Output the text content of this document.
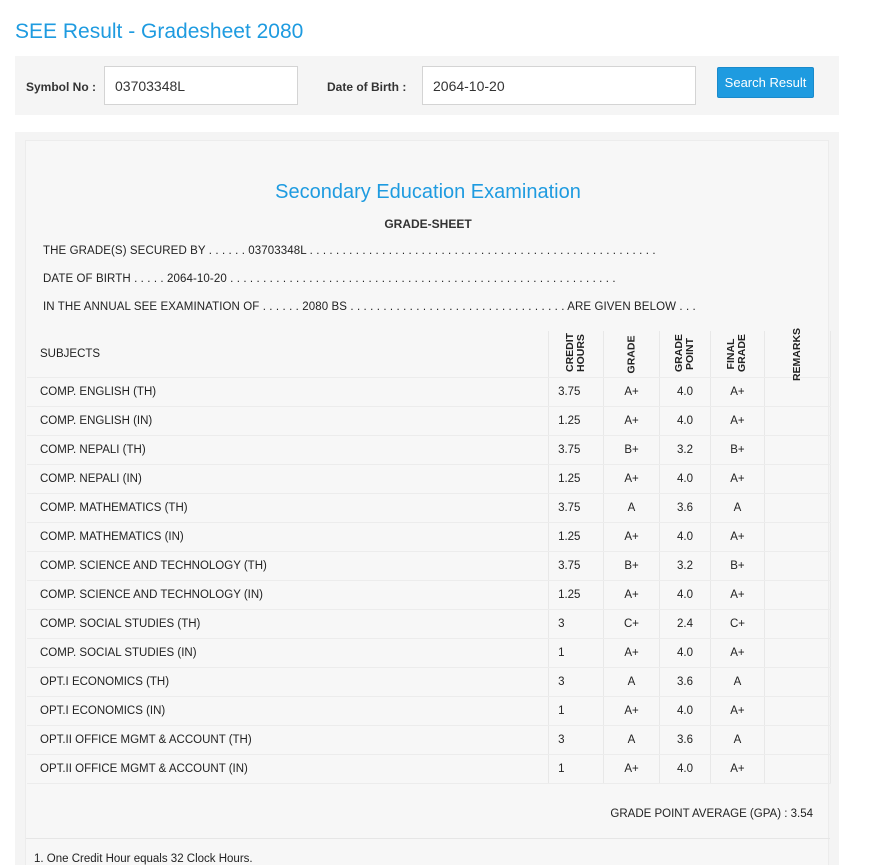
SEE Result - Gradesheet 2080
Symbol No :
03703348L	Date of Birth :
2064-10-20	Search Result
Secondary Education Examination
GRADE-SHEET
THE GRADE(S) SECURED BY . . . . . . 03703348L . . . . . . . . . . . . . . . . . . . . . . . . . . . . . . . . . . . . . . . . . . . . . . . . . . . . .
DATE OF BIRTH . . . . . 2064-10-20 . . . . . . . . . . . . . . . . . . . . . . . . . . . . . . . . . . . . . . . . . . . . . . . . . . . . . . . . . . .
IN THE ANNUAL SEE EXAMINATION OF . . . . . . 2080 BS . . . . . . . . . . . . . . . . . . . . . . . . . . . . . . . . . ARE GIVEN BELOW . . .
SUBJECTS	CREDIT HOURS	GRADE	GRADE POINT	FINAL GRADE	REMARKS
COMP. ENGLISH (TH)	3.75	A+	4.0	A+	
COMP. ENGLISH (IN)	1.25	A+	4.0	A+	
COMP. NEPALI (TH)	3.75	B+	3.2	B+	
COMP. NEPALI (IN)	1.25	A+	4.0	A+	
COMP. MATHEMATICS (TH)	3.75	A	3.6	A	
COMP. MATHEMATICS (IN)	1.25	A+	4.0	A+	
COMP. SCIENCE AND TECHNOLOGY (TH)	3.75	B+	3.2	B+	
COMP. SCIENCE AND TECHNOLOGY (IN)	1.25	A+	4.0	A+	
COMP. SOCIAL STUDIES (TH)	3	C+	2.4	C+	
COMP. SOCIAL STUDIES (IN)	1	A+	4.0	A+	
OPT.I ECONOMICS (TH)	3	A	3.6	A	
OPT.I ECONOMICS (IN)	1	A+	4.0	A+	
OPT.II OFFICE MGMT & ACCOUNT (TH)	3	A	3.6	A	
OPT.II OFFICE MGMT & ACCOUNT (IN)	1	A+	4.0	A+	
GRADE POINT AVERAGE (GPA) : 3.54
1. One Credit Hour equals 32 Clock Hours.
